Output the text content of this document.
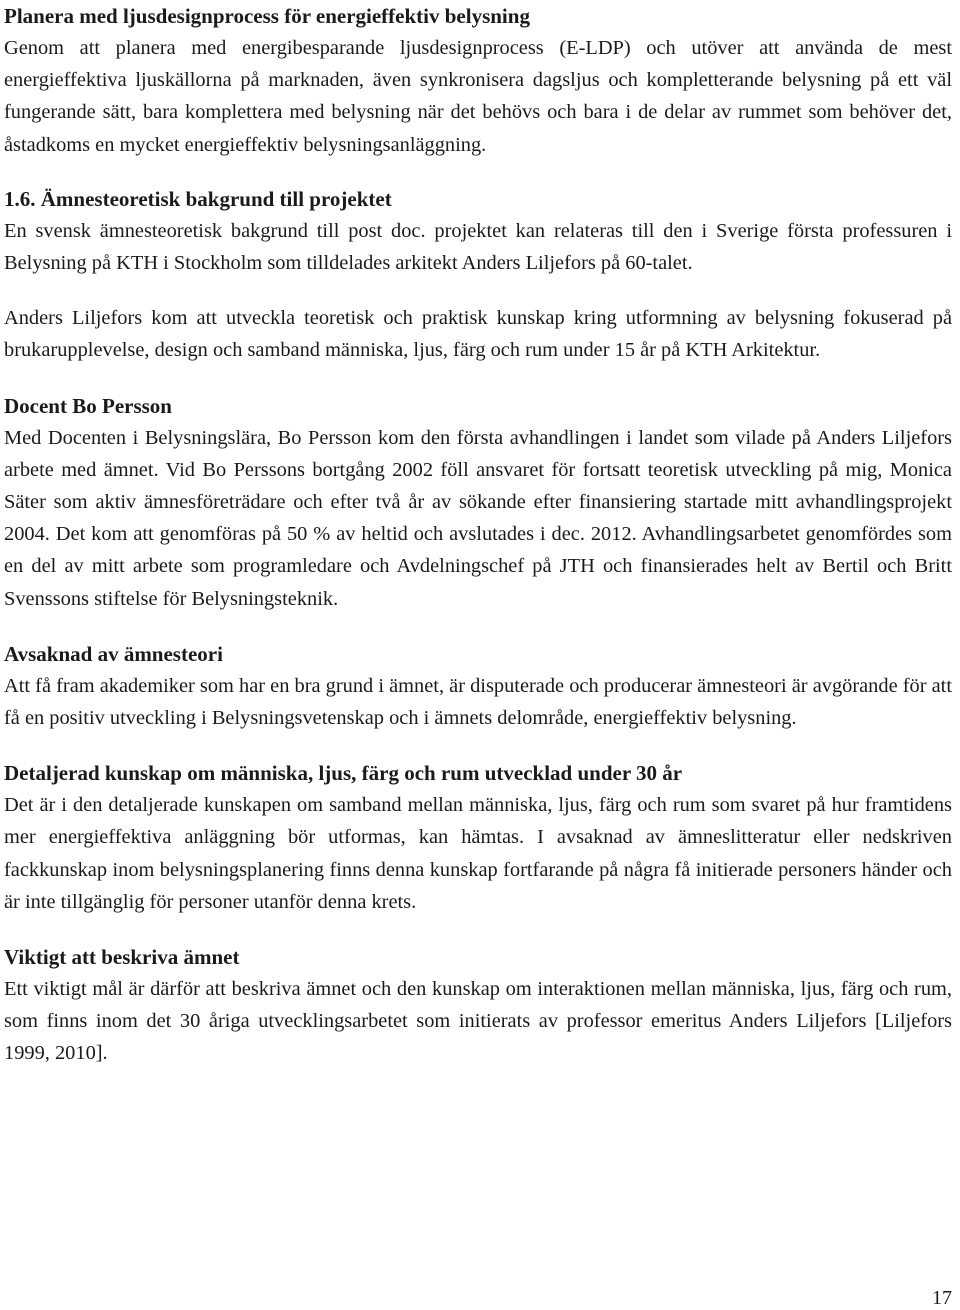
Planera med ljusdesignprocess för energieffektiv belysning

Genom att planera med energibesparande ljusdesignprocess (E-LDP) och utöver att använda de mest energieffektiva ljuskällorna på marknaden, även synkronisera dagsljus och kompletterande belysning på ett väl fungerande sätt, bara komplettera med belysning när det behövs och bara i de delar av rummet som behöver det, åstadkoms en mycket energieffektiv belysningsanläggning.

1.6. Ämnesteoretisk bakgrund till projektet

En svensk ämnesteoretisk bakgrund till post doc. projektet kan relateras till den i Sverige första professuren i Belysning på KTH i Stockholm som tilldelades arkitekt Anders Liljefors på 60-talet.

Anders Liljefors kom att utveckla teoretisk och praktisk kunskap kring utformning av belysning fokuserad på brukarupplevelse, design och samband människa, ljus, färg och rum under 15 år på KTH Arkitektur.

Docent Bo Persson

Med Docenten i Belysningslära, Bo Persson kom den första avhandlingen i landet som vilade på Anders Liljefors arbete med ämnet. Vid Bo Perssons bortgång 2002 föll ansvaret för fortsatt teoretisk utveckling på mig, Monica Säter som aktiv ämnesföreträdare och efter två år av sökande efter finansiering startade mitt avhandlingsprojekt 2004. Det kom att genomföras på 50 % av heltid och avslutades i dec. 2012. Avhandlingsarbetet genomfördes som en del av mitt arbete som programledare och Avdelningschef på JTH och finansierades helt av Bertil och Britt Svenssons stiftelse för Belysningsteknik.

Avsaknad av ämnesteori

Att få fram akademiker som har en bra grund i ämnet, är disputerade och producerar ämnesteori är avgörande för att få en positiv utveckling i Belysningsvetenskap och i ämnets delområde, energieffektiv belysning.

Detaljerad kunskap om människa, ljus, färg och rum utvecklad under 30 år

Det är i den detaljerade kunskapen om samband mellan människa, ljus, färg och rum som svaret på hur framtidens mer energieffektiva anläggning bör utformas, kan hämtas. I avsaknad av ämneslitteratur eller nedskriven fackkunskap inom belysningsplanering finns denna kunskap fortfarande på några få initierade personers händer och är inte tillgänglig för personer utanför denna krets.

Viktigt att beskriva ämnet

Ett viktigt mål är därför att beskriva ämnet och den kunskap om interaktionen mellan människa, ljus, färg och rum, som finns inom det 30 åriga utvecklingsarbetet som initierats av professor emeritus Anders Liljefors [Liljefors 1999, 2010].

17
